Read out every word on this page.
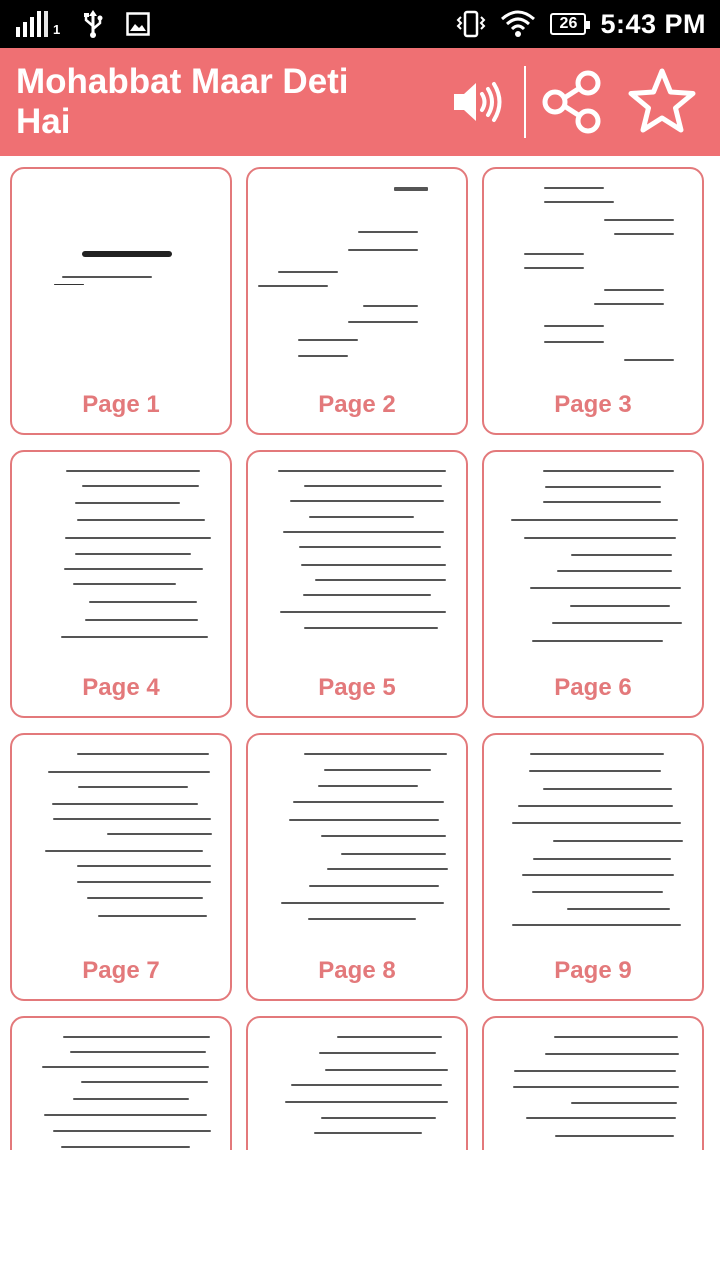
1	26 5:43 PM
Mohabbat Maar Deti Hai
Page 1	Page 2	Page 3
Page 4	Page 5	Page 6
Page 7	Page 8	Page 9
